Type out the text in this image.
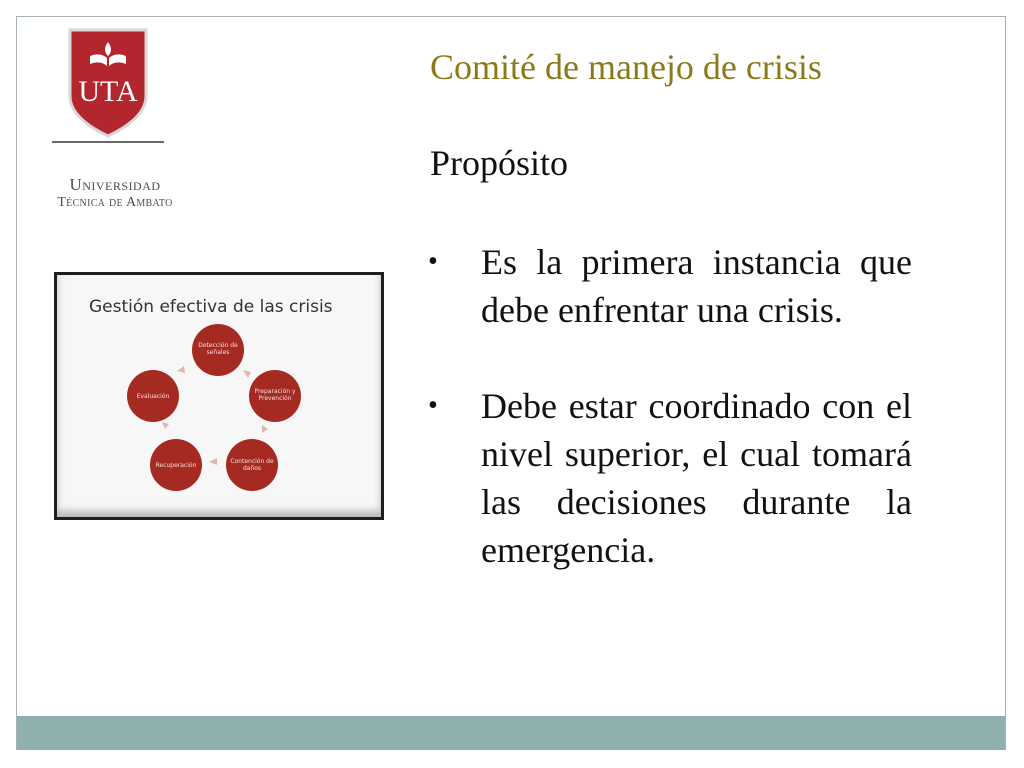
UTA
Universidad
Técnica de Ambato
Comité de manejo de crisis
Propósito
• Es la primera instancia que debe enfrentar una crisis.
• Debe estar coordinado con el nivel superior, el cual tomará las decisiones durante la emergencia.
Gestión efectiva de las crisis
Detección de
señales
Preparación y
Prevención
Contención de
daños
Recuperación
Evaluación
